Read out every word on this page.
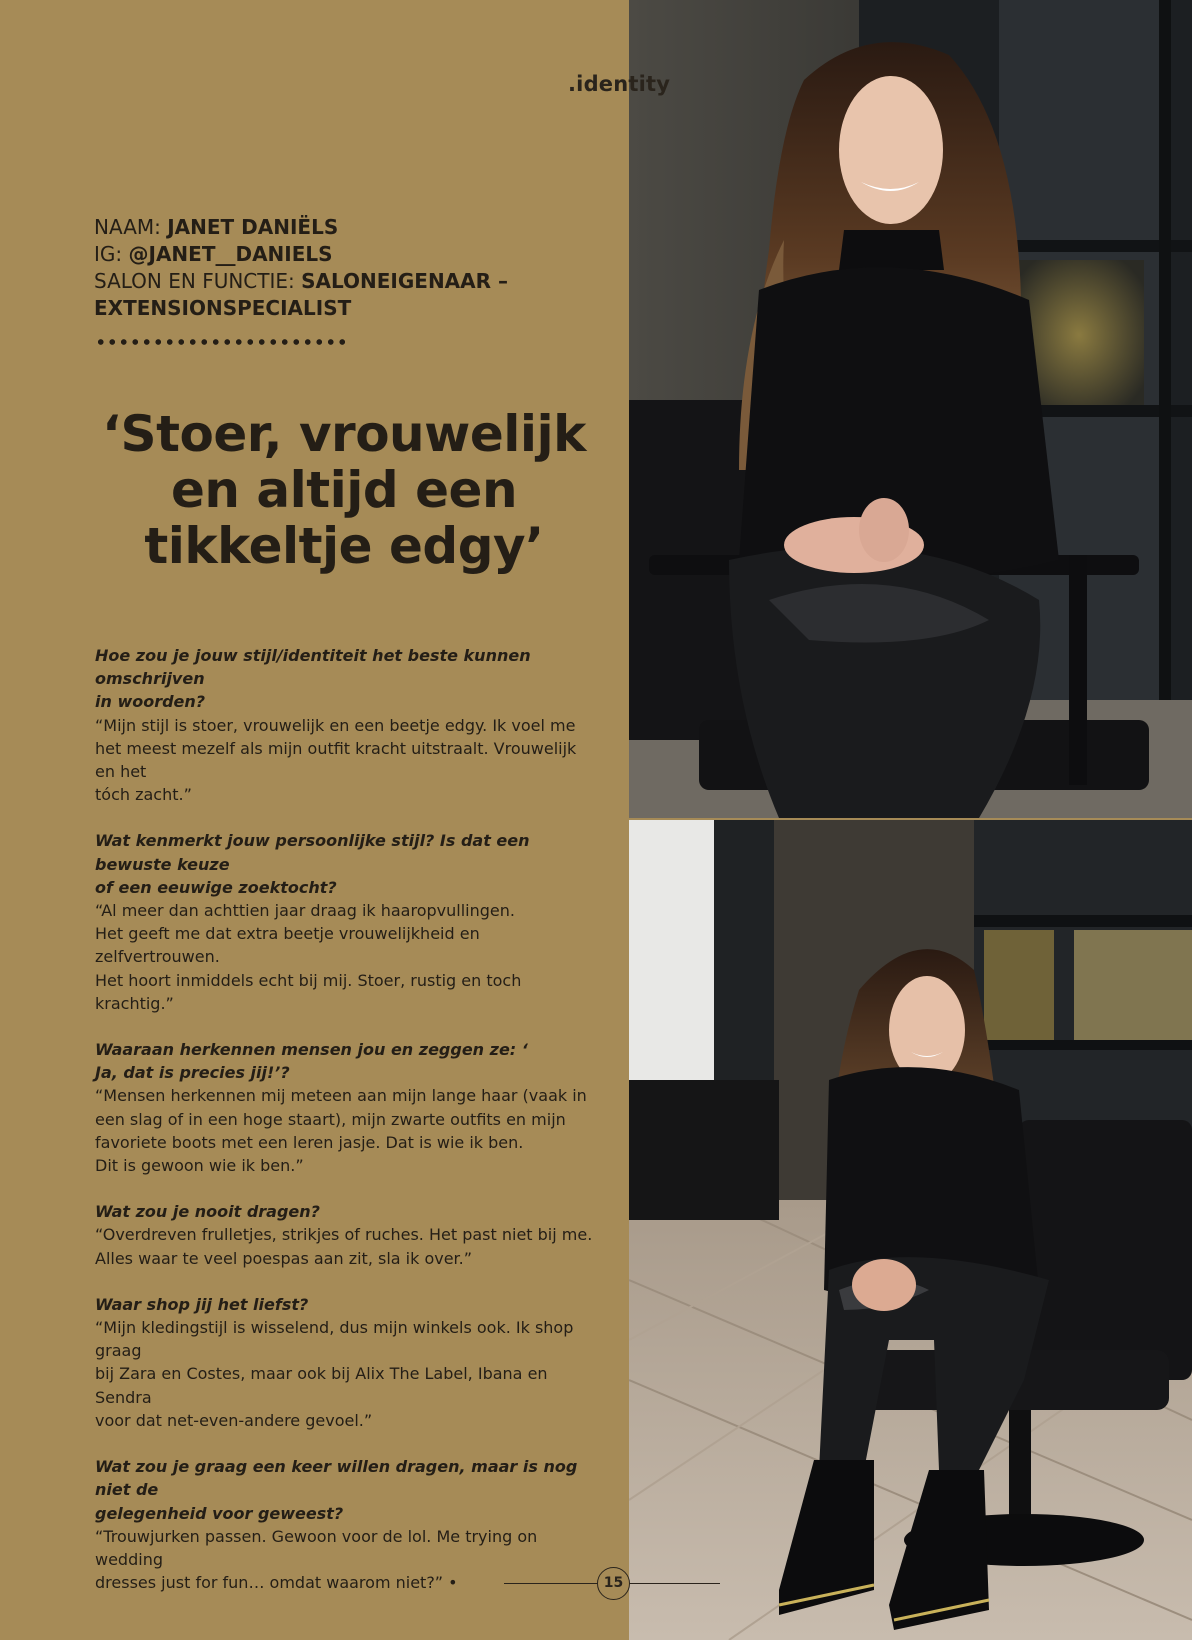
.identity
NAAM: JANET DANIËLS
IG: @JANET__DANIELS
SALON EN FUNCTIE: SALONEIGENAAR – EXTENSIONSPECIALIST
‘Stoer, vrouwelijk en altijd een tikkeltje edgy’
Hoe zou je jouw stijl/identiteit het beste kunnen omschrijven
in woorden?
“Mijn stijl is stoer, vrouwelijk en een beetje edgy. Ik voel me
het meest mezelf als mijn outfit kracht uitstraalt. Vrouwelijk en het
tóch zacht.”
Wat kenmerkt jouw persoonlijke stijl? Is dat een bewuste keuze
of een eeuwige zoektocht?
“Al meer dan achttien jaar draag ik haaropvullingen.
Het geeft me dat extra beetje vrouwelijkheid en zelfvertrouwen.
Het hoort inmiddels echt bij mij. Stoer, rustig en toch krachtig.”
Waaraan herkennen mensen jou en zeggen ze: ‘
Ja, dat is precies jij!’?
“Mensen herkennen mij meteen aan mijn lange haar (vaak in
een slag of in een hoge staart), mijn zwarte outfits en mijn
favoriete boots met een leren jasje. Dat is wie ik ben.
Dit is gewoon wie ik ben.”
Wat zou je nooit dragen?
“Overdreven frulletjes, strikjes of ruches. Het past niet bij me.
Alles waar te veel poespas aan zit, sla ik over.”
Waar shop jij het liefst?
“Mijn kledingstijl is wisselend, dus mijn winkels ook. Ik shop graag
bij Zara en Costes, maar ook bij Alix The Label, Ibana en Sendra
voor dat net-even-andere gevoel.”
Wat zou je graag een keer willen dragen, maar is nog niet de
gelegenheid voor geweest?
“Trouwjurken passen. Gewoon voor de lol. Me trying on wedding
dresses just for fun… omdat waarom niet?” •	15
